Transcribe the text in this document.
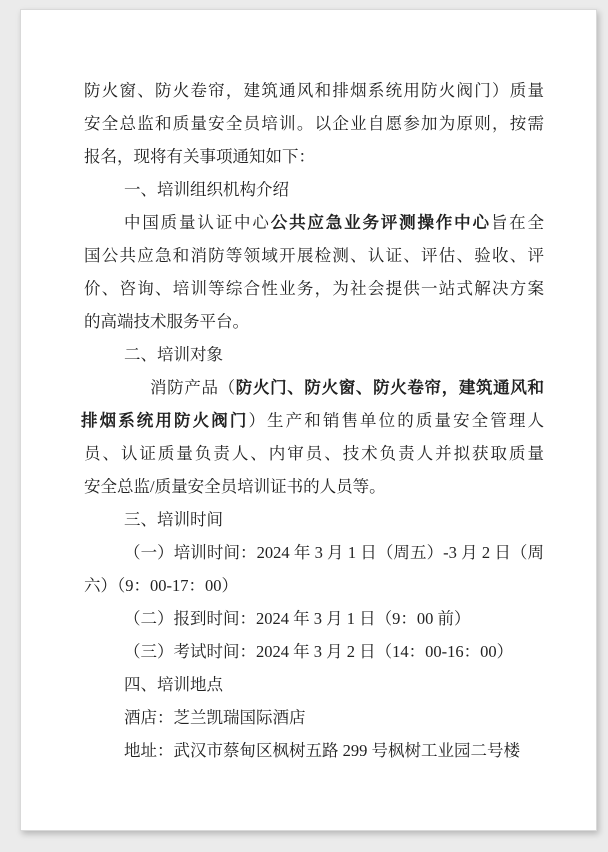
防火窗、防火卷帘，建筑通风和排烟系统用防火阀门）质量

安全总监和质量安全员培训。以企业自愿参加为原则，按需

报名，现将有关事项通知如下：

一、培训组织机构介绍

中国质量认证中心公共应急业务评测操作中心旨在全

国公共应急和消防等领域开展检测、认证、评估、验收、评

价、咨询、培训等综合性业务，为社会提供一站式解决方案

的高端技术服务平台。

二、培训对象

消防产品（防火门、防火窗、防火卷帘，建筑通风和

排烟系统用防火阀门）生产和销售单位的质量安全管理人

员、认证质量负责人、内审员、技术负责人并拟获取质量

安全总监/质量安全员培训证书的人员等。

三、培训时间

（一）培训时间：2024 年 3 月 1 日（周五）-3 月 2 日（周

六）（9：00-17：00）

（二）报到时间：2024 年 3 月 1 日（9：00 前）

（三）考试时间：2024 年 3 月 2 日（14：00-16：00）

四、培训地点

酒店：芝兰凯瑞国际酒店

地址：武汉市蔡甸区枫树五路 299 号枫树工业园二号楼
